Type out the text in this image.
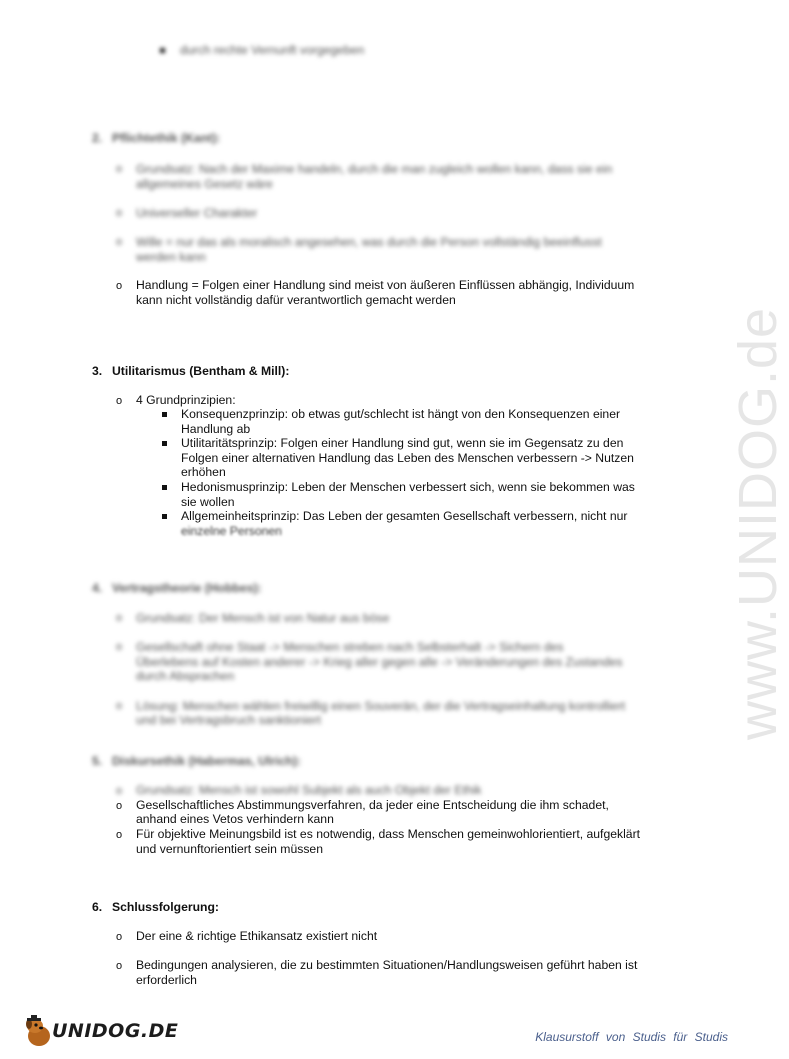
www.UNIDOG.de
durch rechte Vernunft vorgegeben
2. Pflichtethik (Kant):
o Grundsatz: Nach der Maxime handeln, durch die man zugleich wollen kann, dass sie ein
allgemeines Gesetz wäre
o Universeller Charakter
o Wille = nur das als moralisch angesehen, was durch die Person vollständig beeinflusst
werden kann
o Handlung = Folgen einer Handlung sind meist von äußeren Einflüssen abhängig, Individuum
kann nicht vollständig dafür verantwortlich gemacht werden
3. Utilitarismus (Bentham & Mill):
o 4 Grundprinzipien:
Konsequenzprinzip: ob etwas gut/schlecht ist hängt von den Konsequenzen einer
Handlung ab
Utilitaritätsprinzip: Folgen einer Handlung sind gut, wenn sie im Gegensatz zu den
Folgen einer alternativen Handlung das Leben des Menschen verbessern -> Nutzen
erhöhen
Hedonismusprinzip: Leben der Menschen verbessert sich, wenn sie bekommen was
sie wollen
Allgemeinheitsprinzip: Das Leben der gesamten Gesellschaft verbessern, nicht nur
einzelne Personen
4. Vertragstheorie (Hobbes):
o Grundsatz: Der Mensch ist von Natur aus böse
o Gesellschaft ohne Staat -> Menschen streben nach Selbsterhalt -> Sichern des
Überlebens auf Kosten anderer -> Krieg aller gegen alle -> Veränderungen des Zustandes
durch Absprachen
o Lösung: Menschen wählen freiwillig einen Souverän, der die Vertragseinhaltung kontrolliert
und bei Vertragsbruch sanktioniert
5. Diskursethik (Habermas, Ulrich):
o Grundsatz: Mensch ist sowohl Subjekt als auch Objekt der Ethik
o Gesellschaftliches Abstimmungsverfahren, da jeder eine Entscheidung die ihm schadet,
anhand eines Vetos verhindern kann
o Für objektive Meinungsbild ist es notwendig, dass Menschen gemeinwohlorientiert, aufgeklärt
und vernunftorientiert sein müssen
6. Schlussfolgerung:
o Der eine & richtige Ethikansatz existiert nicht
o Bedingungen analysieren, die zu bestimmten Situationen/Handlungsweisen geführt haben ist
erforderlich
UNIDOG.DE	Klausurstoff von Studis für Studis
